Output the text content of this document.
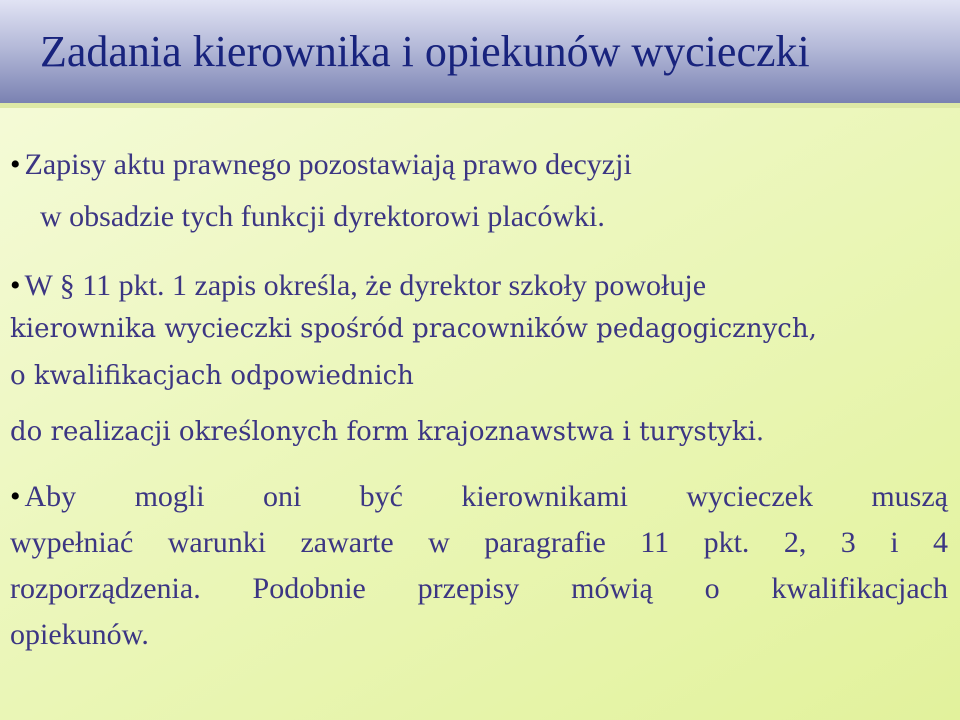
Zadania kierownika i opiekunów wycieczki
• Zapisy aktu prawnego pozostawiają prawo decyzji
w obsadzie tych funkcji dyrektorowi placówki.
• W § 11 pkt. 1 zapis określa, że dyrektor szkoły powołuje
kierownika wycieczki spośród pracowników pedagogicznych,
o kwalifikacjach odpowiednich
do realizacji określonych form krajoznawstwa i turystyki.
• Aby mogli oni być kierownikami wycieczek muszą
wypełniać warunki zawarte w paragrafie 11 pkt. 2, 3 i 4
rozporządzenia. Podobnie przepisy mówią o kwalifikacjach
opiekunów.
